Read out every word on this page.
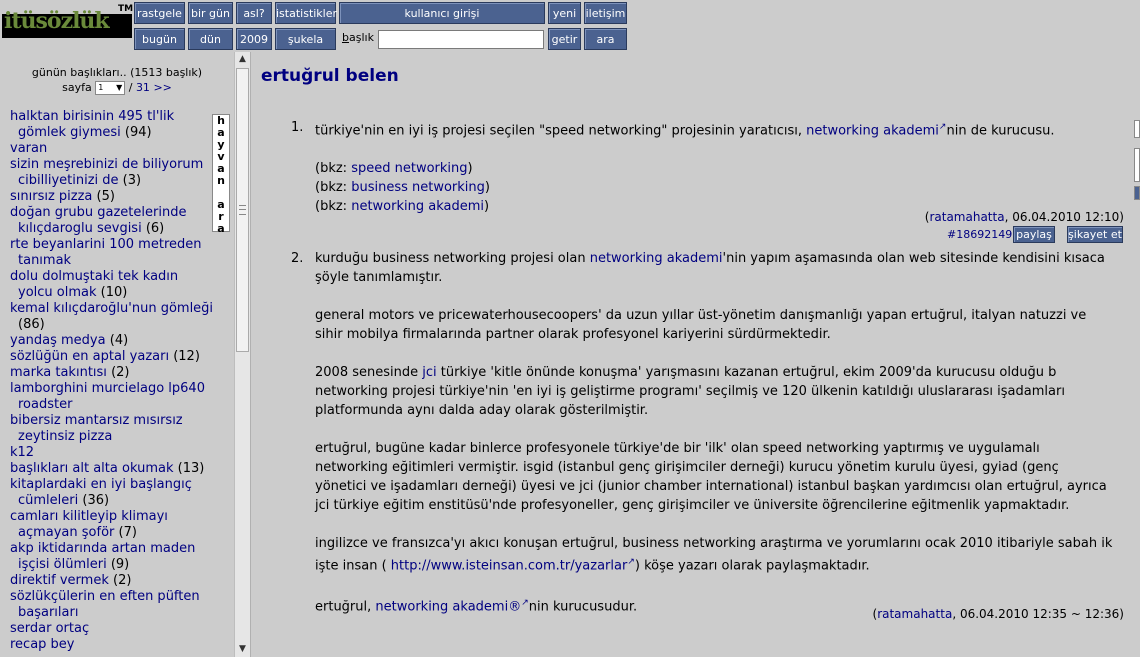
itüsözlük TM rastgele bir gün	asl?	istatistikler	kullanıcı girişi	yeni iletişim
bugün	dün	2009	şukela	başlık	getir	ara
günün başlıkları.. (1513 başlık)
sayfa 1 ▼ / 31 >>
halktan birisinin 495 tl'lik gömlek giymesi (94)
varan
sizin meşrebinizi de biliyorum cibilliyetinizi de (3)
sınırsız pizza (5)
doğan grubu gazetelerinde kılıçdaroglu sevgisi (6)
rte beyanlarini 100 metreden tanımak
dolu dolmuştaki tek kadın yolcu olmak (10)
kemal kılıçdaroğlu'nun gömleği (86)
yandaş medya (4)
sözlüğün en aptal yazarı (12)
marka takıntısı (2)
lamborghini murcielago lp640 roadster
bibersiz mantarsız mısırsız zeytinsiz pizza
k12
başlıkları alt alta okumak (13)
kitaplardaki en iyi başlangıç cümleleri (36)
camları kilitleyip klimayı açmayan şoför (7)
akp iktidarında artan maden işçisi ölümleri (9)
direktif vermek (2)
sözlükçülerin en eften püften başarıları
serdar ortaç
recap bey
h
a
y
v
a
n

a
r
a
▲
▼
ertuğrul belen
1. türkiye'nin en iyi iş projesi seçilen "speed networking" projesinin yaratıcısı, networking akademi↗nin de kurucusu.

(bkz: speed networking)
(bkz: business networking)
(bkz: networking akademi)
(ratamahatta, 06.04.2010 12:10)
#18692149 paylaş şikayet et
2. kurduğu business networking projesi olan networking akademi'nin yapım aşamasında olan web sitesinde kendisini kısaca şöyle tanımlamıştır.

general motors ve pricewaterhousecoopers' da uzun yıllar üst-yönetim danışmanlığı yapan ertuğrul, italyan natuzzi ve sihir mobilya firmalarında partner olarak profesyonel kariyerini sürdürmektedir.

2008 senesinde jci türkiye 'kitle önünde konuşma' yarışmasını kazanan ertuğrul, ekim 2009'da kurucusu olduğu b networking projesi türkiye'nin 'en iyi iş geliştirme programı' seçilmiş ve 120 ülkenin katıldığı uluslararası işadamları platformunda aynı dalda aday olarak gösterilmiştir.

ertuğrul, bugüne kadar binlerce profesyonele türkiye'de bir 'ilk' olan speed networking yaptırmış ve uygulamalı networking eğitimleri vermiştir. isgid (istanbul genç girişimciler derneği) kurucu yönetim kurulu üyesi, gyiad (genç yönetici ve işadamları derneği) üyesi ve jci (junior chamber international) istanbul başkan yardımcısı olan ertuğrul, ayrıca jci türkiye eğitim enstitüsü'nde profesyoneller, genç girişimciler ve üniversite öğrencilerine eğitmenlik yapmaktadır.

ingilizce ve fransızca'yı akıcı konuşan ertuğrul, business networking araştırma ve yorumlarını ocak 2010 itibariyle sabah ik işte insan ( http://www.isteinsan.com.tr/yazarlar↗) köşe yazarı olarak paylaşmaktadır.

ertuğrul, networking akademi®↗nin kurucusudur.	(ratamahatta, 06.04.2010 12:35 ~ 12:36)
